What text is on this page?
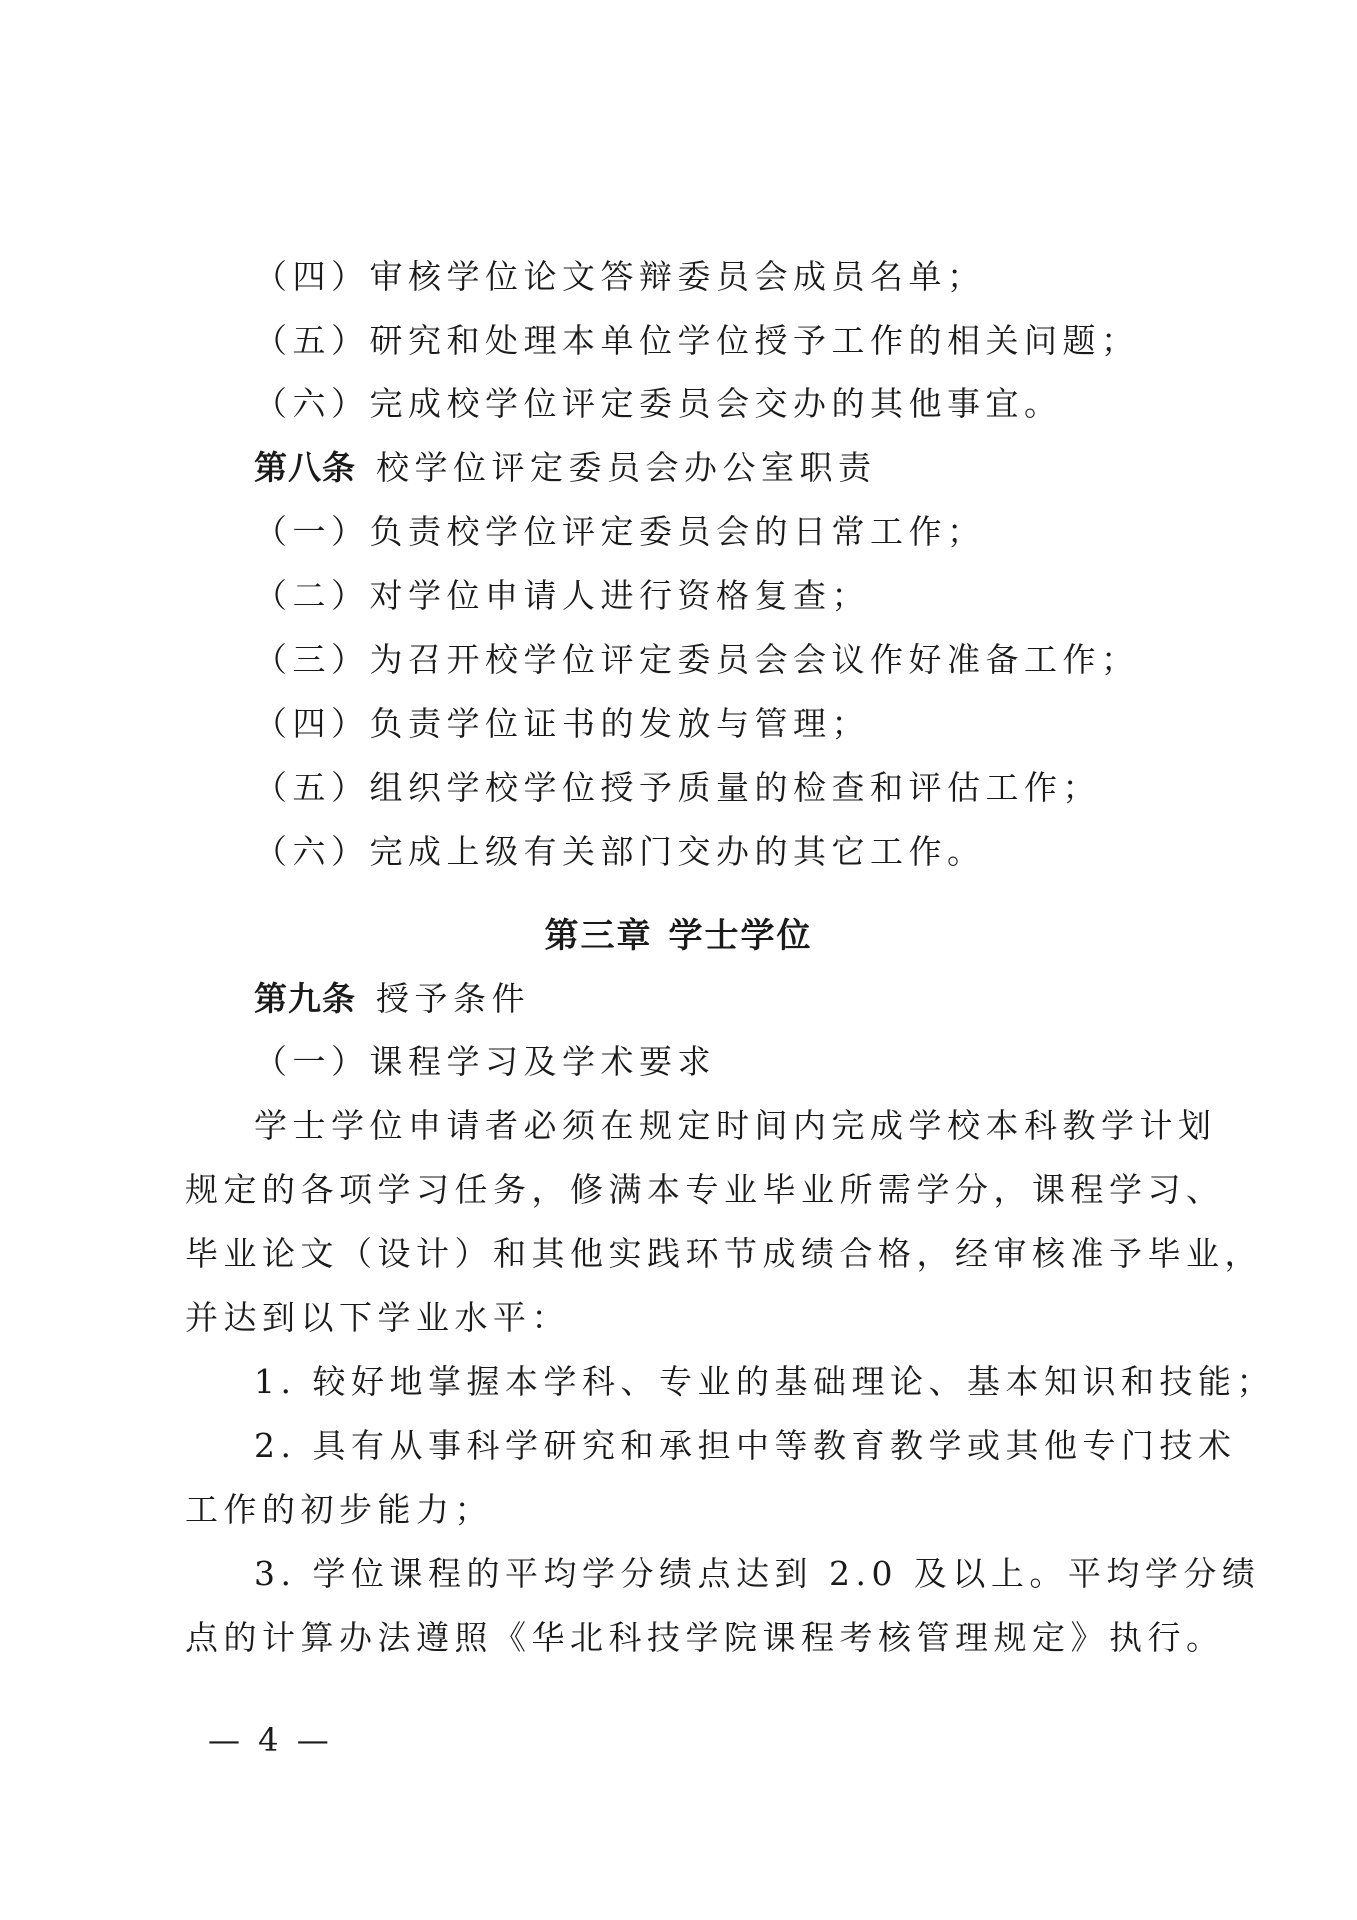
（四）审核学位论文答辩委员会成员名单；
（五）研究和处理本单位学位授予工作的相关问题；
（六）完成校学位评定委员会交办的其他事宜。
第八条 校学位评定委员会办公室职责
（一）负责校学位评定委员会的日常工作；
（二）对学位申请人进行资格复查；
（三）为召开校学位评定委员会会议作好准备工作；
（四）负责学位证书的发放与管理；
（五）组织学校学位授予质量的检查和评估工作；
（六）完成上级有关部门交办的其它工作。
第三章 学士学位
第九条 授予条件
（一）课程学习及学术要求
学士学位申请者必须在规定时间内完成学校本科教学计划
规定的各项学习任务，修满本专业毕业所需学分，课程学习、
毕业论文（设计）和其他实践环节成绩合格，经审核准予毕业，
并达到以下学业水平：
1. 较好地掌握本学科、专业的基础理论、基本知识和技能；
2. 具有从事科学研究和承担中等教育教学或其他专门技术
工作的初步能力；
3. 学位课程的平均学分绩点达到 2.0 及以上。平均学分绩
点的计算办法遵照《华北科技学院课程考核管理规定》执行。
— 4 —
